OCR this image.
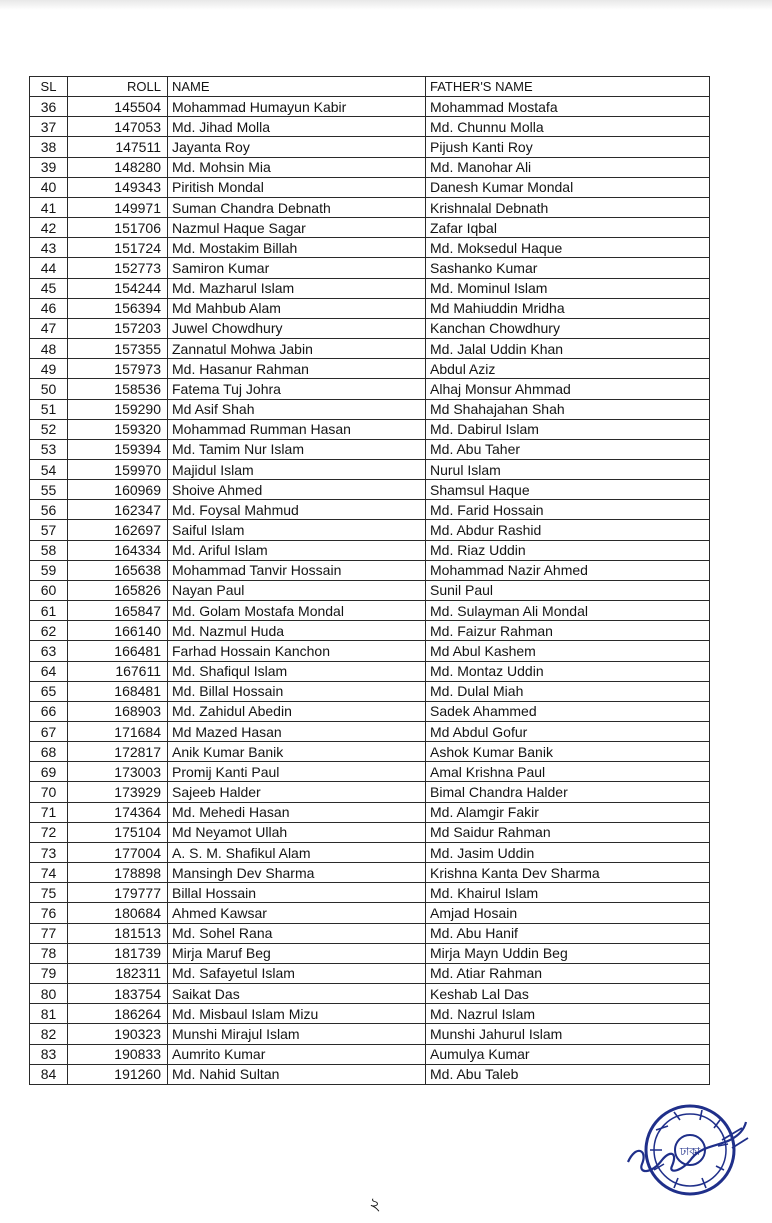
SL	ROLL	NAME	FATHER'S NAME
36	145504	Mohammad Humayun Kabir	Mohammad Mostafa
37	147053	Md. Jihad Molla	Md. Chunnu Molla
38	147511	Jayanta Roy	Pijush Kanti Roy
39	148280	Md. Mohsin Mia	Md. Manohar Ali
40	149343	Piritish Mondal	Danesh Kumar Mondal
41	149971	Suman Chandra Debnath	Krishnalal Debnath
42	151706	Nazmul Haque Sagar	Zafar Iqbal
43	151724	Md. Mostakim Billah	Md. Moksedul Haque
44	152773	Samiron Kumar	Sashanko Kumar
45	154244	Md. Mazharul Islam	Md. Mominul Islam
46	156394	Md Mahbub Alam	Md Mahiuddin Mridha
47	157203	Juwel Chowdhury	Kanchan Chowdhury
48	157355	Zannatul Mohwa Jabin	Md. Jalal Uddin Khan
49	157973	Md. Hasanur Rahman	Abdul Aziz
50	158536	Fatema Tuj Johra	Alhaj Monsur Ahmmad
51	159290	Md Asif Shah	Md Shahajahan Shah
52	159320	Mohammad Rumman Hasan	Md. Dabirul Islam
53	159394	Md. Tamim Nur Islam	Md. Abu Taher
54	159970	Majidul Islam	Nurul Islam
55	160969	Shoive Ahmed	Shamsul Haque
56	162347	Md. Foysal Mahmud	Md. Farid Hossain
57	162697	Saiful Islam	Md. Abdur Rashid
58	164334	Md. Ariful Islam	Md. Riaz Uddin
59	165638	Mohammad Tanvir Hossain	Mohammad Nazir Ahmed
60	165826	Nayan Paul	Sunil Paul
61	165847	Md. Golam Mostafa Mondal	Md. Sulayman Ali Mondal
62	166140	Md. Nazmul Huda	Md. Faizur Rahman
63	166481	Farhad Hossain Kanchon	Md Abul Kashem
64	167611	Md. Shafiqul Islam	Md. Montaz Uddin
65	168481	Md. Billal Hossain	Md. Dulal Miah
66	168903	Md. Zahidul Abedin	Sadek Ahammed
67	171684	Md Mazed Hasan	Md Abdul Gofur
68	172817	Anik Kumar Banik	Ashok Kumar Banik
69	173003	Promij Kanti Paul	Amal Krishna Paul
70	173929	Sajeeb Halder	Bimal Chandra Halder
71	174364	Md. Mehedi Hasan	Md. Alamgir Fakir
72	175104	Md Neyamot Ullah	Md Saidur Rahman
73	177004	A. S. M. Shafikul Alam	Md. Jasim Uddin
74	178898	Mansingh Dev Sharma	Krishna Kanta Dev Sharma
75	179777	Billal Hossain	Md. Khairul Islam
76	180684	Ahmed Kawsar	Amjad Hosain
77	181513	Md. Sohel Rana	Md. Abu Hanif
78	181739	Mirja Maruf Beg	Mirja Mayn Uddin Beg
79	182311	Md. Safayetul Islam	Md. Atiar Rahman
80	183754	Saikat Das	Keshab Lal Das
81	186264	Md. Misbaul Islam Mizu	Md. Nazrul Islam
82	190323	Munshi Mirajul Islam	Munshi Jahurul Islam
83	190833	Aumrito Kumar	Aumulya Kumar
84	191260	Md. Nahid Sultan	Md. Abu Taleb
২
ঢাকা
